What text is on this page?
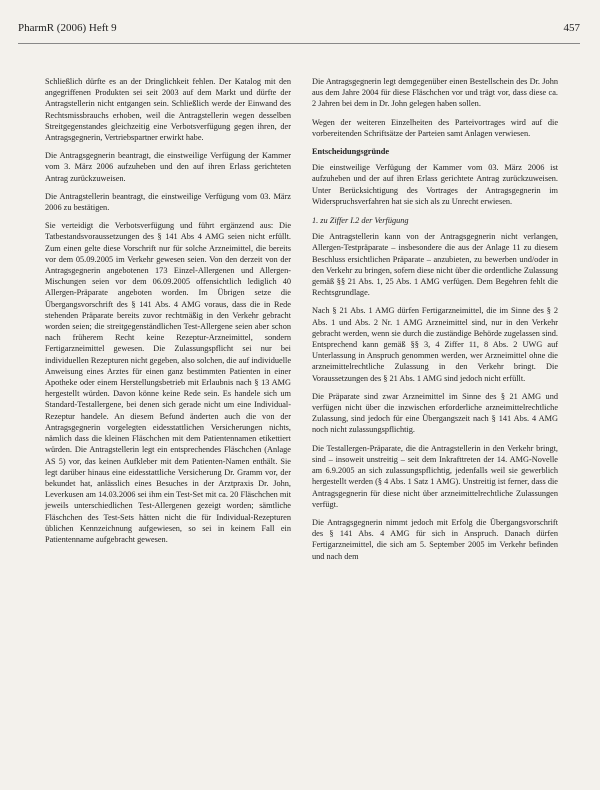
PharmR (2006) Heft 9	457

Schließlich dürfte es an der Dringlichkeit fehlen. Der Katalog mit den angegriffenen Produkten sei seit 2003 auf dem Markt und dürfte der Antragstellerin nicht entgangen sein. Schließlich werde der Einwand des Rechtsmissbrauchs erhoben, weil die Antragstellerin wegen desselben Streitgegenstandes gleichzeitig eine Verbotsverfügung gegen ihren, der Antragsgegnerin, Vertriebspartner erwirkt habe.

Die Antragsgegnerin beantragt, die einstweilige Verfügung der Kammer vom 3. März 2006 aufzuheben und den auf ihren Erlass gerichteten Antrag zurückzuweisen.

Die Antragstellerin beantragt, die einstweilige Verfügung vom 03. März 2006 zu bestätigen.

Sie verteidigt die Verbotsverfügung und führt ergänzend aus: Die Tatbestandsvoraussetzungen des § 141 Abs 4 AMG seien nicht erfüllt. Zum einen gelte diese Vorschrift nur für solche Arzneimittel, die bereits vor dem 05.09.2005 im Verkehr gewesen seien. Von den derzeit von der Antragsgegnerin angebotenen 173 Einzel-Allergenen und Allergen-Mischungen seien vor dem 06.09.2005 offensichtlich lediglich 40 Allergen-Präparate angeboten worden. Im Übrigen setze die Übergangsvorschrift des § 141 Abs. 4 AMG voraus, dass die in Rede stehenden Präparate bereits zuvor rechtmäßig in den Verkehr gebracht worden seien; die streitgegenständlichen Test-Allergene seien aber schon nach früherem Recht keine Rezeptur-Arzneimittel, sondern Fertigarzneimittel gewesen. Die Zulassungspflicht sei nur bei individuellen Rezepturen nicht gegeben, also solchen, die auf individuelle Anweisung eines Arztes für einen ganz bestimmten Patienten in einer Apotheke oder einem Herstellungsbetrieb mit Erlaubnis nach § 13 AMG hergestellt würden. Davon könne keine Rede sein. Es handele sich um Standard-Testallergene, bei denen sich gerade nicht um eine Individual-Rezeptur handele. An diesem Befund änderten auch die von der Antragsgegnerin vorgelegten eidesstattlichen Versicherungen nichts, nämlich dass die kleinen Fläschchen mit dem Patientennamen etikettiert würden. Die Antragstellerin legt ein entsprechendes Fläschchen (Anlage AS 5) vor, das keinen Aufkleber mit dem Patienten-Namen enthält. Sie legt darüber hinaus eine eidesstattliche Versicherung Dr. Gramm vor, der bekundet hat, anlässlich eines Besuches in der Arztpraxis Dr. John, Leverkusen am 14.03.2006 sei ihm ein Test-Set mit ca. 20 Fläschchen mit jeweils unterschiedlichen Test-Allergenen gezeigt worden; sämtliche Fläschchen des Test-Sets hätten nicht die für Individual-Rezepturen üblichen Kennzeichnung aufgewiesen, so sei in keinem Fall ein Patientenname aufgebracht gewesen.

Die Antragsgegnerin legt demgegenüber einen Bestellschein des Dr. John aus dem Jahre 2004 für diese Fläschchen vor und trägt vor, dass diese ca. 2 Jahren bei dem in Dr. John gelegen haben sollen.

Wegen der weiteren Einzelheiten des Parteivortrages wird auf die vorbereitenden Schriftsätze der Parteien samt Anlagen verwiesen.

Entscheidungsgründe

Die einstweilige Verfügung der Kammer vom 03. März 2006 ist aufzuheben und der auf ihren Erlass gerichtete Antrag zurückzuweisen. Unter Berücksichtigung des Vortrages der Antragsgegnerin im Widerspruchsverfahren hat sie sich als zu Unrecht erwiesen.

1. zu Ziffer I.2 der Verfügung

Die Antragstellerin kann von der Antragsgegnerin nicht verlangen, Allergen-Testpräparate – insbesondere die aus der Anlage 11 zu diesem Beschluss ersichtlichen Präparate – anzubieten, zu bewerben und/oder in den Verkehr zu bringen, sofern diese nicht über die ordentliche Zulassung gemäß §§ 21 Abs. 1, 25 Abs. 1 AMG verfügen. Dem Begehren fehlt die Rechtsgrundlage.

Nach § 21 Abs. 1 AMG dürfen Fertigarzneimittel, die im Sinne des § 2 Abs. 1 und Abs. 2 Nr. 1 AMG Arzneimittel sind, nur in den Verkehr gebracht werden, wenn sie durch die zuständige Behörde zugelassen sind. Entsprechend kann gemäß §§ 3, 4 Ziffer 11, 8 Abs. 2 UWG auf Unterlassung in Anspruch genommen werden, wer Arzneimittel ohne die arzneimittelrechtliche Zulassung in den Verkehr bringt. Die Voraussetzungen des § 21 Abs. 1 AMG sind jedoch nicht erfüllt.

Die Präparate sind zwar Arzneimittel im Sinne des § 21 AMG und verfügen nicht über die inzwischen erforderliche arzneimittelrechtliche Zulassung, sind jedoch für eine Übergangszeit nach § 141 Abs. 4 AMG noch nicht zulassungspflichtig.

Die Testallergen-Präparate, die die Antragstellerin in den Verkehr bringt, sind – insoweit unstreitig – seit dem Inkrafttreten der 14. AMG-Novelle am 6.9.2005 an sich zulassungspflichtig, jedenfalls weil sie gewerblich hergestellt werden (§ 4 Abs. 1 Satz 1 AMG). Unstreitig ist ferner, dass die Antragsgegnerin für diese nicht über arzneimittelrechtliche Zulassungen verfügt.

Die Antragsgegnerin nimmt jedoch mit Erfolg die Übergangsvorschrift des § 141 Abs. 4 AMG für sich in Anspruch. Danach dürfen Fertigarzneimittel, die sich am 5. September 2005 im Verkehr befinden und nach dem
